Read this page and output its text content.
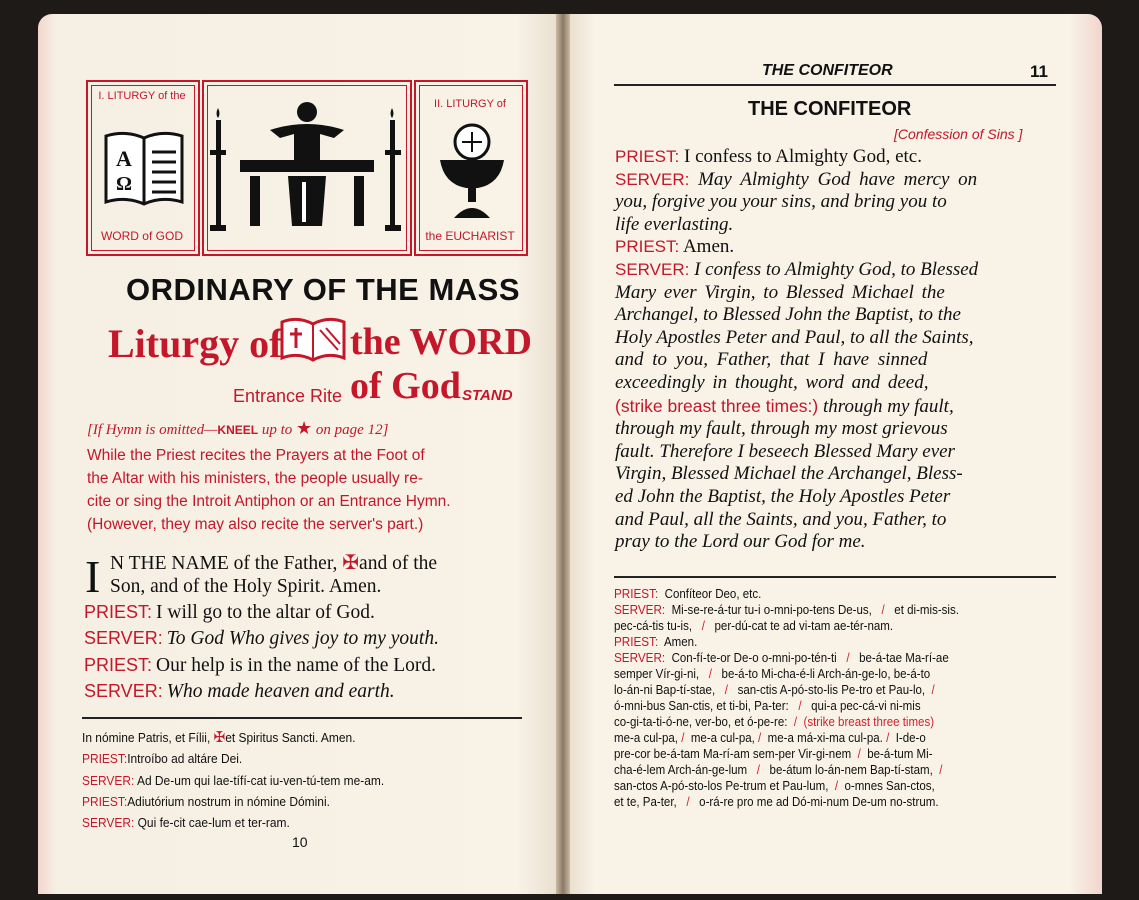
I. LITURGY of the
A
Ω
WORD of GOD
II. LITURGY of
the EUCHARIST
ORDINARY OF THE MASS
Liturgy of the WORD of God
Entrance Rite	STAND
[If Hymn is omitted—KNEEL up to ★ on page 12]
While the Priest recites the Prayers at the Foot of
the Altar with his ministers, the people usually re-
cite or sing the Introit Antiphon or an Entrance Hymn.
(However, they may also recite the server's part.)
I N THE NAME of the Father, ✠and of the
Son, and of the Holy Spirit. Amen.
PRIEST: I will go to the altar of God.
SERVER: To God Who gives joy to my youth.
PRIEST: Our help is in the name of the Lord.
SERVER: Who made heaven and earth.
In nómine Patris, et Fílii, ✠et Spiritus Sancti. Amen.
PRIEST:Introíbo ad altáre Dei.
SERVER: Ad De-um qui lae-tífí-cat iu-ven-tú-tem me-am.
PRIEST:Adiutórium nostrum in nómine Dómini.
SERVER: Qui fe-cit cae-lum et ter-ram.
10
THE CONFITEOR	11
THE CONFITEOR
[Confession of Sins ]
PRIEST: I confess to Almighty God, etc.
SERVER: May Almighty God have mercy on
you, forgive you your sins, and bring you to
life everlasting.
PRIEST: Amen.
SERVER: I confess to Almighty God, to Blessed
Mary ever Virgin, to Blessed Michael the
Archangel, to Blessed John the Baptist, to the
Holy Apostles Peter and Paul, to all the Saints,
and to you, Father, that I have sinned
exceedingly in thought, word and deed,
(strike breast three times:) through my fault,
through my fault, through my most grievous
fault. Therefore I beseech Blessed Mary ever
Virgin, Blessed Michael the Archangel, Bless-
ed John the Baptist, the Holy Apostles Peter
and Paul, all the Saints, and you, Father, to
pray to the Lord our God for me.
PRIEST: Confíteor Deo, etc.
SERVER: Mi-se-re-á-tur tu-i o-mni-po-tens De-us, / et di-mis-sis.
pec-cá-tis tu-is, / per-dú-cat te ad vi-tam ae-tér-nam.
PRIEST: Amen.
SERVER: Con-fí-te-or De-o o-mni-po-tén-ti / be-á-tae Ma-rí-ae
semper Vír-gi-ni, / be-á-to Mi-cha-é-li Arch-án-ge-lo, be-á-to
lo-án-ni Bap-tí-stae, / san-ctis A-pó-sto-lis Pe-tro et Pau-lo, /
ó-mni-bus San-ctis, et ti-bi, Pa-ter: / qui-a pec-cá-vi ni-mis
co-gi-ta-ti-ó-ne, ver-bo, et ó-pe-re: / (strike breast three times)
me-a cul-pa, / me-a cul-pa, / me-a má-xi-ma cul-pa. / I-de-o
pre-cor be-á-tam Ma-rí-am sem-per Vir-gi-nem / be-á-tum Mi-
cha-é-lem Arch-án-ge-lum / be-átum lo-án-nem Bap-tí-stam, /
san-ctos A-pó-sto-los Pe-trum et Pau-lum, / o-mnes San-ctos,
et te, Pa-ter, / o-rá-re pro me ad Dó-mi-num De-um no-strum.
